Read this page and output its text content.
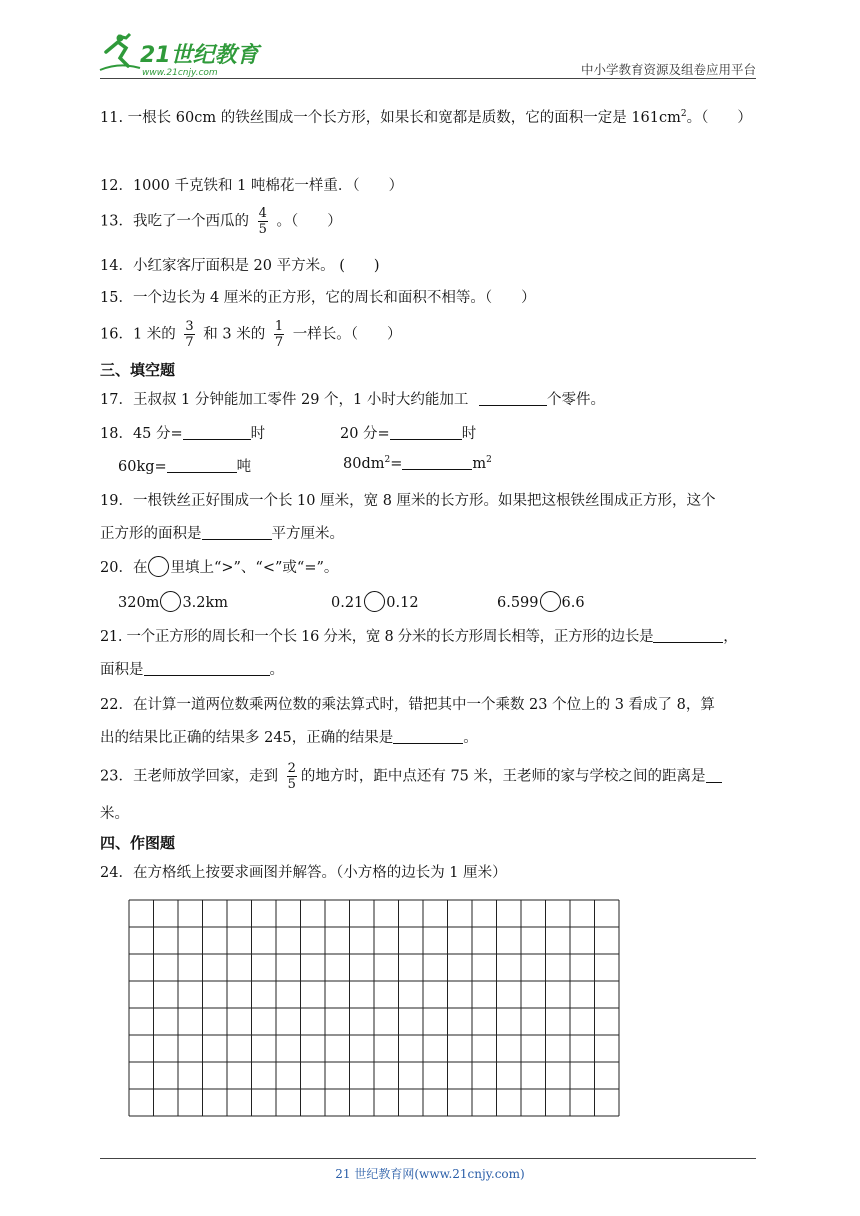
21世纪教育
www.21cnjy.com	中小学教育资源及组卷应用平台
11. 一根长 60cm 的铁丝围成一个长方形，如果长和宽都是质数，它的面积一定是 $161cm^2$。（　　）
12．1000 千克铁和 1 吨棉花一样重．（　　）
13．我吃了一个西瓜的 $\frac{4}{5}$ 。（　　）
14．小红家客厅面积是 20 平方米。 (　　)
15．一个边长为 4 厘米的正方形，它的周长和面积不相等。（　　）
16．1 米的 $\frac{3}{7}$ 和 3 米的 $\frac{1}{7}$ 一样长。（　　）
三、填空题
17．王叔叔 1 分钟能加工零件 29 个，1 小时大约能加工	个零件。
18．45 分=	时	20 分=	时
60kg=	吨	$80dm^2=$	$m^2$
19．一根铁丝正好围成一个长 10 厘米，宽 8 厘米的长方形。如果把这根铁丝围成正方形，这个
正方形的面积是	平方厘米。
20．在 里填上“>”、“<”或“=”。
320m 3.2km	0.21 0.12	6.599 6.6
21. 一个正方形的周长和一个长 16 分米，宽 8 分米的长方形周长相等，正方形的边长是	，
面积是	。
22．在计算一道两位数乘两位数的乘法算式时，错把其中一个乘数 23 个位上的 3 看成了 8，算
出的结果比正确的结果多 245，正确的结果是	。
23．王老师放学回家，走到 $\frac{2}{5}$ 的地方时，距中点还有 75 米，王老师的家与学校之间的距离是
米。
四、作图题
24．在方格纸上按要求画图并解答。（小方格的边长为 1 厘米）
21 世纪教育网(www.21cnjy.com)
